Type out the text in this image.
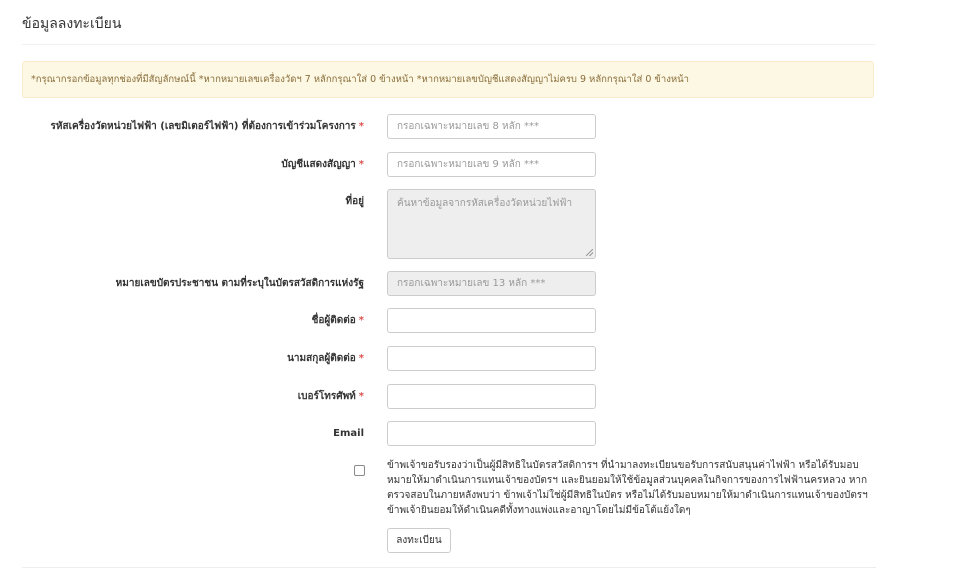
ข้อมูลลงทะเบียน
*กรุณากรอกข้อมูลทุกช่องที่มีสัญลักษณ์นี้ *หากหมายเลขเครื่องวัดฯ 7 หลักกรุณาใส่ 0 ข้างหน้า *หากหมายเลขบัญชีแสดงสัญญาไม่ครบ 9 หลักกรุณาใส่ 0 ข้างหน้า
รหัสเครื่องวัดหน่วยไฟฟ้า (เลขมิเตอร์ไฟฟ้า) ที่ต้องการเข้าร่วมโครงการ *	กรอกเฉพาะหมายเลข 8 หลัก ***
บัญชีแสดงสัญญา *	กรอกเฉพาะหมายเลข 9 หลัก ***
ที่อยู่	ค้นหาข้อมูลจากรหัสเครื่องวัดหน่วยไฟฟ้า
หมายเลขบัตรประชาชน ตามที่ระบุในบัตรสวัสดิการแห่งรัฐ	กรอกเฉพาะหมายเลข 13 หลัก ***
ชื่อผู้ติดต่อ *
นามสกุลผู้ติดต่อ *
เบอร์โทรศัพท์ *
Email
ข้าพเจ้าขอรับรองว่าเป็นผู้มีสิทธิในบัตรสวัสดิการฯ ที่นำมาลงทะเบียนขอรับการสนับสนุนค่าไฟฟ้า หรือได้รับมอบหมายให้มาดำเนินการแทนเจ้าของบัตรฯ และยินยอมให้ใช้ข้อมูลส่วนบุคคลในกิจการของการไฟฟ้านครหลวง หากตรวจสอบในภายหลังพบว่า ข้าพเจ้าไม่ใช่ผู้มีสิทธิในบัตร หรือไม่ได้รับมอบหมายให้มาดำเนินการแทนเจ้าของบัตรฯ ข้าพเจ้ายินยอมให้ดำเนินคดีทั้งทางแพ่งและอาญาโดยไม่มีข้อโต้แย้งใดๆ
ลงทะเบียน
